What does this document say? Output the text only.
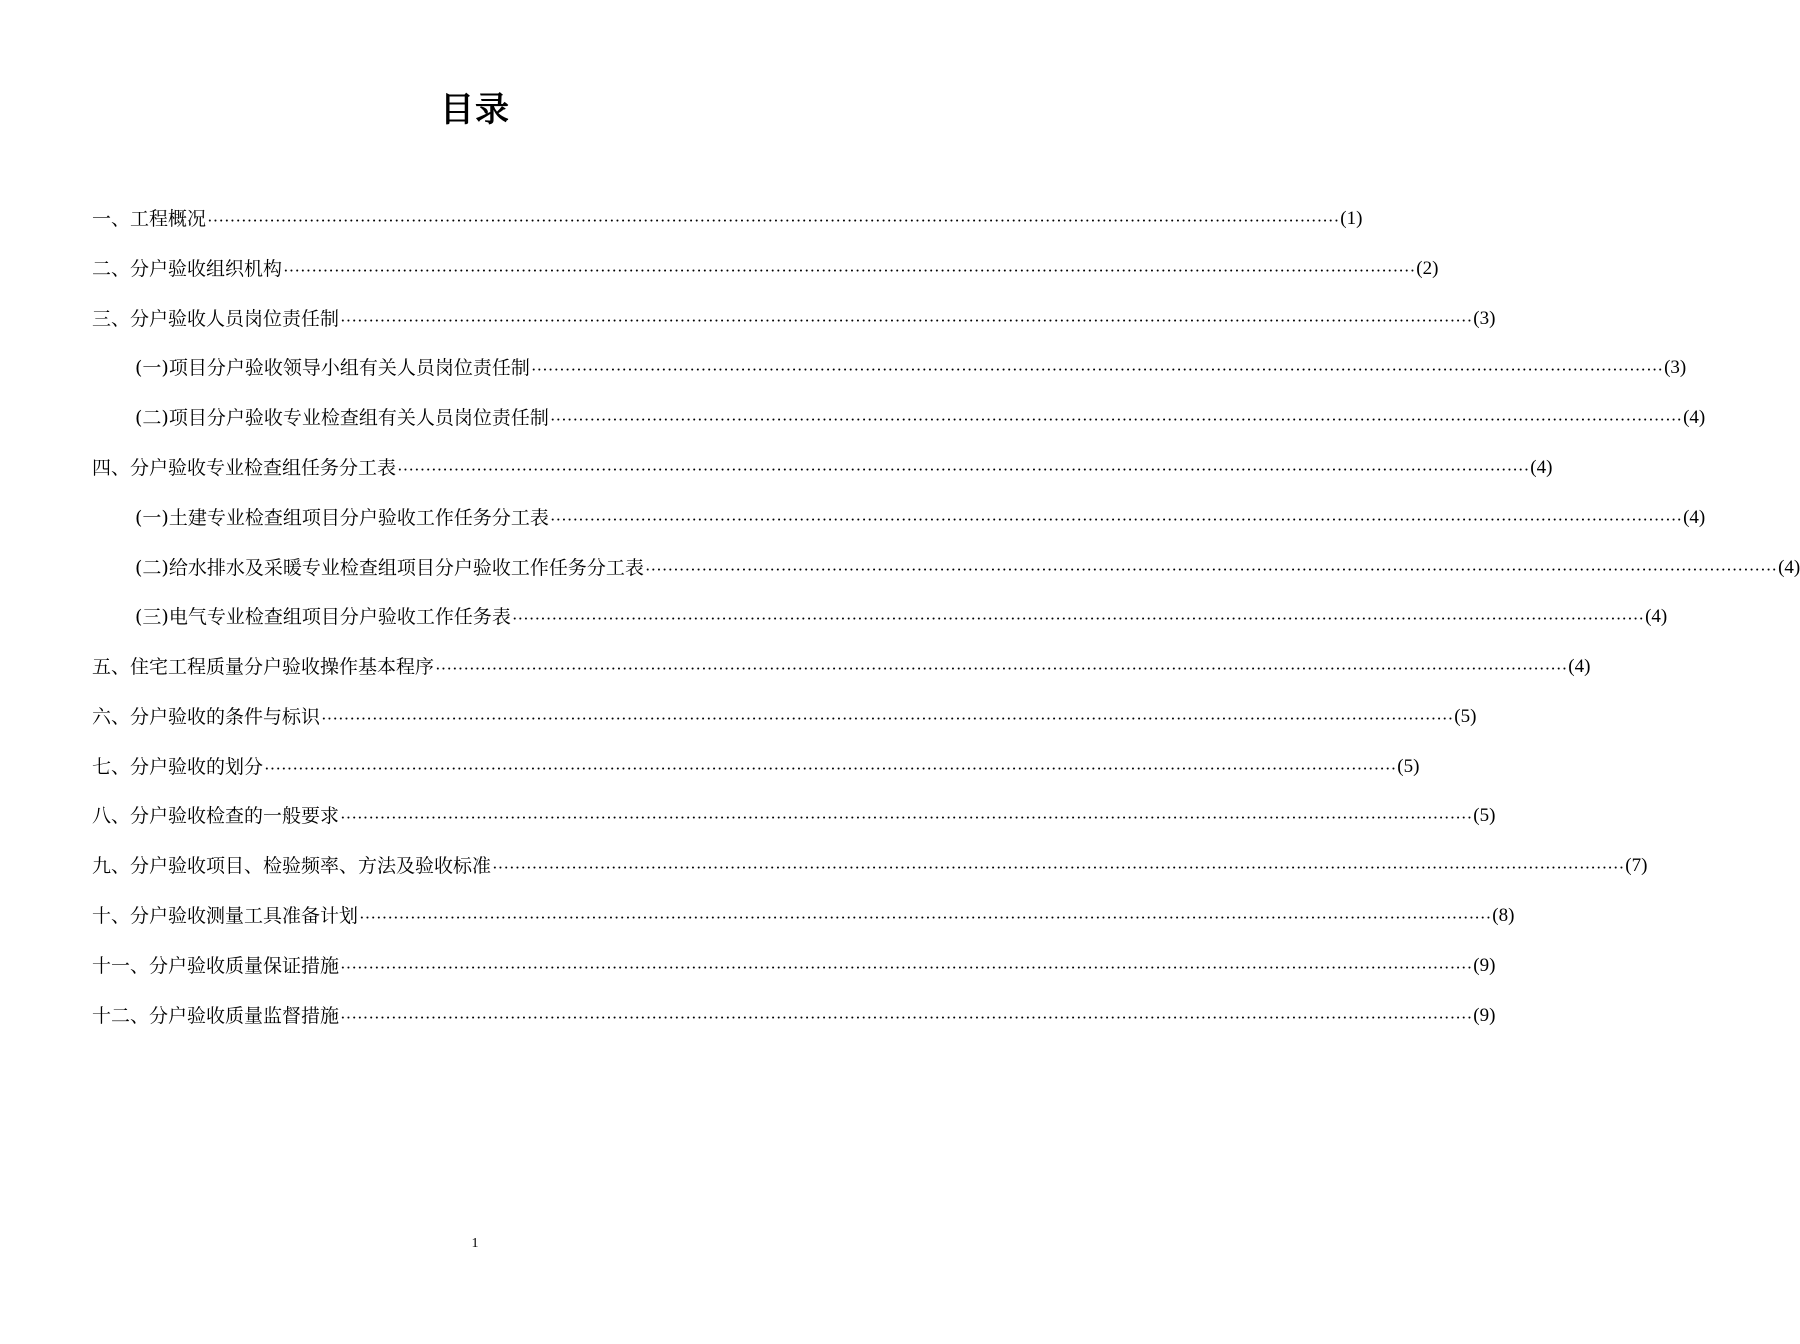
目录
一、工程概况 ········································································································································································································ (1)
二、分户验收组织机构 ········································································································································································································ (2)
三、分户验收人员岗位责任制 ········································································································································································································ (3)
(一)项目分户验收领导小组有关人员岗位责任制 ········································································································································································································ (3)
(二)项目分户验收专业检查组有关人员岗位责任制 ········································································································································································································ (4)
四、分户验收专业检查组任务分工表 ········································································································································································································ (4)
(一)土建专业检查组项目分户验收工作任务分工表 ········································································································································································································ (4)
(二)给水排水及采暖专业检查组项目分户验收工作任务分工表 ········································································································································································································ (4)
(三)电气专业检查组项目分户验收工作任务表 ········································································································································································································ (4)
五、住宅工程质量分户验收操作基本程序 ········································································································································································································ (4)
六、分户验收的条件与标识 ········································································································································································································ (5)
七、分户验收的划分 ········································································································································································································ (5)
八、分户验收检查的一般要求 ········································································································································································································ (5)
九、分户验收项目、检验频率、方法及验收标准 ········································································································································································································ (7)
十、分户验收测量工具准备计划 ········································································································································································································ (8)
十一、分户验收质量保证措施 ········································································································································································································ (9)
十二、分户验收质量监督措施 ········································································································································································································ (9)
1
